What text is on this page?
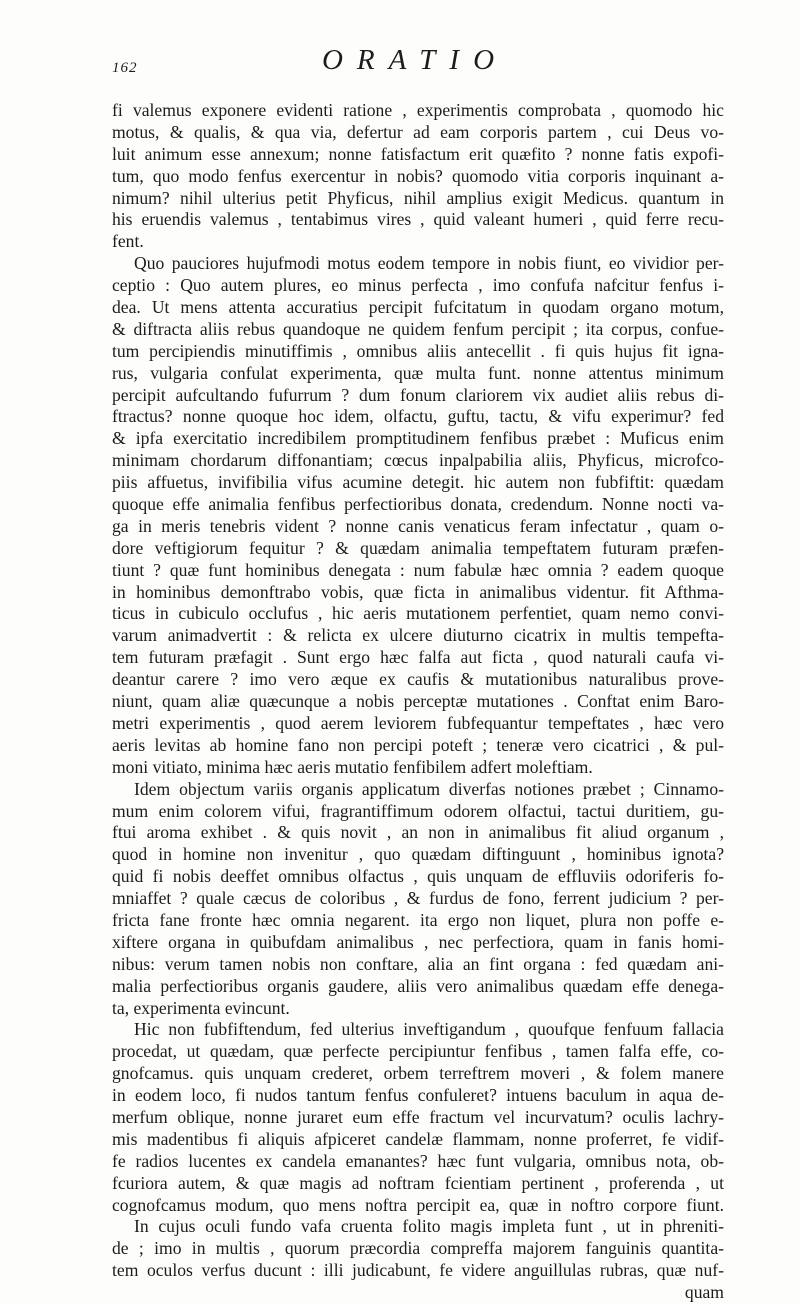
162	ORATIO
fi valemus exponere evidenti ratione , experimentis comprobata , quomodo hic
motus, & qualis, & qua via, defertur ad eam corporis partem , cui Deus vo-
luit animum esse annexum; nonne fatisfactum erit quæfito ? nonne fatis expofi-
tum, quo modo fenfus exercentur in nobis? quomodo vitia corporis inquinant a-
nimum? nihil ulterius petit Phyficus, nihil amplius exigit Medicus. quantum in
his eruendis valemus , tentabimus vires , quid valeant humeri , quid ferre recu-
fent.
Quo pauciores hujufmodi motus eodem tempore in nobis fiunt, eo vividior per-
ceptio : Quo autem plures, eo minus perfecta , imo confufa nafcitur fenfus i-
dea. Ut mens attenta accuratius percipit fufcitatum in quodam organo motum,
& diftracta aliis rebus quandoque ne quidem fenfum percipit ; ita corpus, confue-
tum percipiendis minutiffimis , omnibus aliis antecellit . fi quis hujus fit igna-
rus, vulgaria confulat experimenta, quæ multa funt. nonne attentus minimum
percipit aufcultando fufurrum ? dum fonum clariorem vix audiet aliis rebus di-
ftractus? nonne quoque hoc idem, olfactu, guftu, tactu, & vifu experimur? fed
& ipfa exercitatio incredibilem promptitudinem fenfibus præbet : Muficus enim
minimam chordarum diffonantiam; cœcus inpalpabilia aliis, Phyficus, microfco-
piis affuetus, invifibilia vifus acumine detegit. hic autem non fubfiftit: quædam
quoque effe animalia fenfibus perfectioribus donata, credendum. Nonne nocti va-
ga in meris tenebris vident ? nonne canis venaticus feram infectatur , quam o-
dore veftigiorum fequitur ? & quædam animalia tempeftatem futuram præfen-
tiunt ? quæ funt hominibus denegata : num fabulæ hæc omnia ? eadem quoque
in hominibus demonftrabo vobis, quæ ficta in animalibus videntur. fit Afthma-
ticus in cubiculo occlufus , hic aeris mutationem perfentiet, quam nemo convi-
varum animadvertit : & relicta ex ulcere diuturno cicatrix in multis tempefta-
tem futuram præfagit . Sunt ergo hæc falfa aut ficta , quod naturali caufa vi-
deantur carere ? imo vero æque ex caufis & mutationibus naturalibus prove-
niunt, quam aliæ quæcunque a nobis perceptæ mutationes . Conftat enim Baro-
metri experimentis , quod aerem leviorem fubfequantur tempeftates , hæc vero
aeris levitas ab homine fano non percipi poteft ; teneræ vero cicatrici , & pul-
moni vitiato, minima hæc aeris mutatio fenfibilem adfert moleftiam.
Idem objectum variis organis applicatum diverfas notiones præbet ; Cinnamo-
mum enim colorem vifui, fragrantiffimum odorem olfactui, tactui duritiem, gu-
ftui aroma exhibet . & quis novit , an non in animalibus fit aliud organum ,
quod in homine non invenitur , quo quædam diftinguunt , hominibus ignota?
quid fi nobis deeffet omnibus olfactus , quis unquam de effluviis odoriferis fo-
mniaffet ? quale cæcus de coloribus , & furdus de fono, ferrent judicium ? per-
fricta fane fronte hæc omnia negarent. ita ergo non liquet, plura non poffe e-
xiftere organa in quibufdam animalibus , nec perfectiora, quam in fanis homi-
nibus: verum tamen nobis non conftare, alia an fint organa : fed quædam ani-
malia perfectioribus organis gaudere, aliis vero animalibus quædam effe denega-
ta, experimenta evincunt.
Hic non fubfiftendum, fed ulterius inveftigandum , quoufque fenfuum fallacia
procedat, ut quædam, quæ perfecte percipiuntur fenfibus , tamen falfa effe, co-
gnofcamus. quis unquam crederet, orbem terreftrem moveri , & folem manere
in eodem loco, fi nudos tantum fenfus confuleret? intuens baculum in aqua de-
merfum oblique, nonne juraret eum effe fractum vel incurvatum? oculis lachry-
mis madentibus fi aliquis afpiceret candelæ flammam, nonne proferret, fe vidif-
fe radios lucentes ex candela emanantes? hæc funt vulgaria, omnibus nota, ob-
fcuriora autem, & quæ magis ad noftram fcientiam pertinent , proferenda , ut
cognofcamus modum, quo mens noftra percipit ea, quæ in noftro corpore fiunt.
In cujus oculi fundo vafa cruenta folito magis impleta funt , ut in phreniti-
de ; imo in multis , quorum præcordia compreffa majorem fanguinis quantita-
tem oculos verfus ducunt : illi judicabunt, fe videre anguillulas rubras, quæ nuf-
quam
